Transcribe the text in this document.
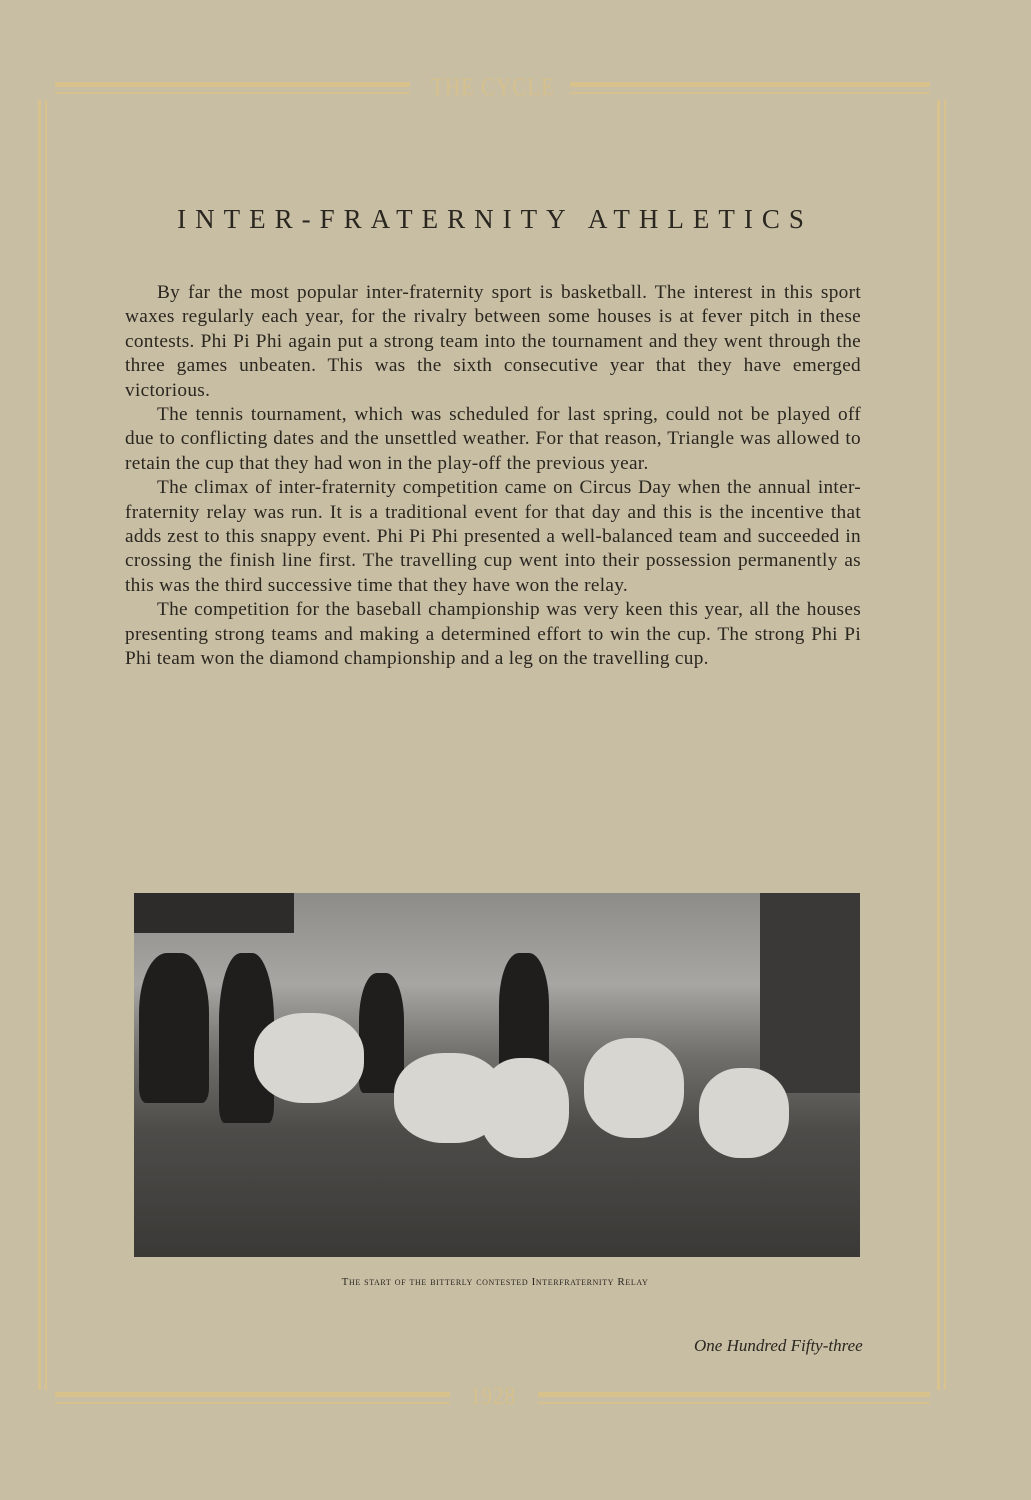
THE CYCLE
INTER-FRATERNITY ATHLETICS

By far the most popular inter-fraternity sport is basketball. The interest in this sport waxes regularly each year, for the rivalry between some houses is at fever pitch in these contests. Phi Pi Phi again put a strong team into the tournament and they went through the three games unbeaten. This was the sixth consecutive year that they have emerged victorious.

The tennis tournament, which was scheduled for last spring, could not be played off due to conflicting dates and the unsettled weather. For that reason, Triangle was allowed to retain the cup that they had won in the play-off the previous year.

The climax of inter-fraternity competition came on Circus Day when the annual inter-fraternity relay was run. It is a traditional event for that day and this is the incentive that adds zest to this snappy event. Phi Pi Phi presented a well-balanced team and succeeded in crossing the finish line first. The travelling cup went into their possession permanently as this was the third successive time that they have won the relay.

The competition for the baseball championship was very keen this year, all the houses presenting strong teams and making a determined effort to win the cup. The strong Phi Pi Phi team won the diamond championship and a leg on the travelling cup.

The start of the bitterly contested Interfraternity Relay
One Hundred Fifty-three
1928
